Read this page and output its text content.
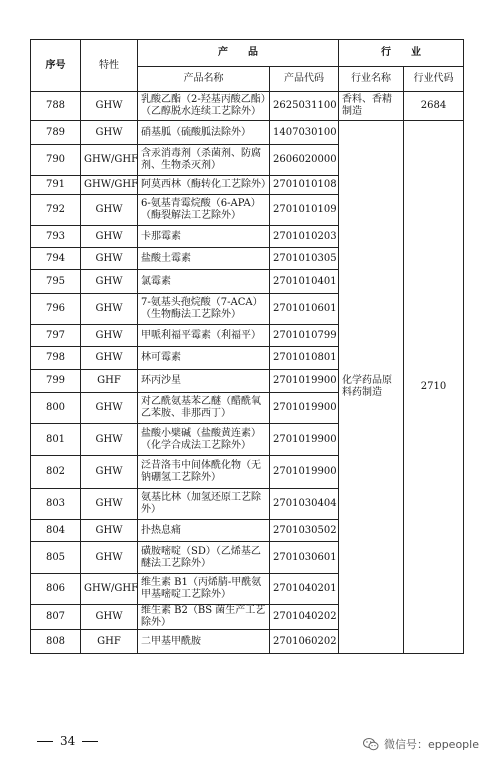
序号	特性	产　　品		行　　业	
		产品名称	产品代码	行业名称	行业代码
788	GHW	乳酸乙酯（2-羟基丙酸乙酯）（乙醇脱水连续工艺除外）	2625031100	香料、香精制造	2684
789	GHW	硝基胍（硫酸胍法除外）	1407030100	化学药品原料药制造	2710
790	GHW/GHF	含汞消毒剂（杀菌剂、防腐剂、生物杀灭剂）	2606020000		
791	GHW/GHF	阿莫西林（酶转化工艺除外）	2701010108		
792	GHW	6-氨基青霉烷酸（6-APA）（酶裂解法工艺除外）	2701010109		
793	GHW	卡那霉素	2701010203		
794	GHW	盐酸土霉素	2701010305		
795	GHW	氯霉素	2701010401		
796	GHW	7-氨基头孢烷酸（7-ACA）（生物酶法工艺除外）	2701010601		
797	GHW	甲哌利福平霉素（利福平）	2701010799		
798	GHW	林可霉素	2701010801		
799	GHF	环丙沙星	2701019900		
800	GHW	对乙酰氨基苯乙醚（醋酰氧乙苯胺、非那西丁）	2701019900		
801	GHW	盐酸小檗碱（盐酸黄连素）（化学合成法工艺除外）	2701019900		
802	GHW	泛昔洛韦中间体酰化物（无钠硼氢工艺除外）	2701019900		
803	GHW	氨基比林（加氢还原工艺除外）	2701030404		
804	GHW	扑热息痛	2701030502		
805	GHW	磺胺嘧啶（SD）（乙烯基乙醚法工艺除外）	2701030601		
806	GHW/GHF	维生素 B1（丙烯腈-甲酰氨甲基嘧啶工艺除外）	2701040201		
807	GHW	维生素 B2（BS 菌生产工艺除外）	2701040202		
808	GHF	二甲基甲酰胺	2701060202		
34	微信号：eppeople
